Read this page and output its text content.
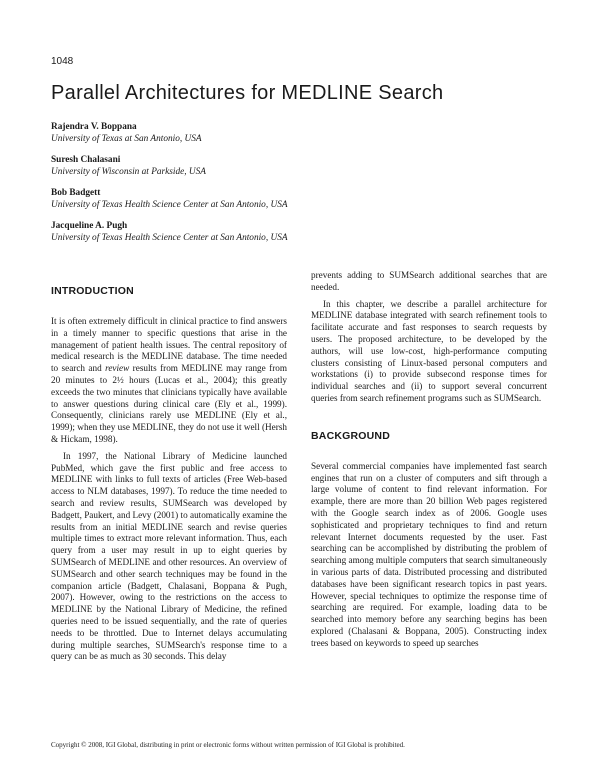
1048
Parallel Architectures for MEDLINE Search
Rajendra V. Boppana
University of Texas at San Antonio, USA
Suresh Chalasani
University of Wisconsin at Parkside, USA
Bob Badgett
University of Texas Health Science Center at San Antonio, USA
Jacqueline A. Pugh
University of Texas Health Science Center at San Antonio, USA
INTRODUCTION

It is often extremely difficult in clinical practice to find answers in a timely manner to specific questions that arise in the management of patient health issues. The central repository of medical research is the MEDLINE database. The time needed to search and review results from MEDLINE may range from 20 minutes to 2½ hours (Lucas et al., 2004); this greatly exceeds the two minutes that clinicians typically have available to answer questions during clinical care (Ely et al., 1999). Consequently, clinicians rarely use MEDLINE (Ely et al., 1999); when they use MEDLINE, they do not use it well (Hersh & Hickam, 1998).

In 1997, the National Library of Medicine launched PubMed, which gave the first public and free access to MEDLINE with links to full texts of articles (Free Web-based access to NLM databases, 1997). To reduce the time needed to search and review results, SUMSearch was developed by Badgett, Paukert, and Levy (2001) to automatically examine the results from an initial MEDLINE search and revise queries multiple times to extract more relevant information. Thus, each query from a user may result in up to eight queries by SUMSearch of MEDLINE and other resources. An overview of SUMSearch and other search techniques may be found in the companion article (Badgett, Chalasani, Boppana & Pugh, 2007). However, owing to the restrictions on the access to MEDLINE by the National Library of Medicine, the refined queries need to be issued sequentially, and the rate of queries needs to be throttled. Due to Internet delays accumulating during multiple searches, SUMSearch's response time to a query can be as much as 30 seconds. This delay

prevents adding to SUMSearch additional searches that are needed.

In this chapter, we describe a parallel architecture for MEDLINE database integrated with search refinement tools to facilitate accurate and fast responses to search requests by users. The proposed architecture, to be developed by the authors, will use low-cost, high-performance computing clusters consisting of Linux-based personal computers and workstations (i) to provide subsecond response times for individual searches and (ii) to support several concurrent queries from search refinement programs such as SUMSearch.

BACKGROUND

Several commercial companies have implemented fast search engines that run on a cluster of computers and sift through a large volume of content to find relevant information. For example, there are more than 20 billion Web pages registered with the Google search index as of 2006. Google uses sophisticated and proprietary techniques to find and return relevant Internet documents requested by the user. Fast searching can be accomplished by distributing the problem of searching among multiple computers that search simultaneously in various parts of data. Distributed processing and distributed databases have been significant research topics in past years. However, special techniques to optimize the response time of searching are required. For example, loading data to be searched into memory before any searching begins has been explored (Chalasani & Boppana, 2005). Constructing index trees based on keywords to speed up searches

Copyright © 2008, IGI Global, distributing in print or electronic forms without written permission of IGI Global is prohibited.
